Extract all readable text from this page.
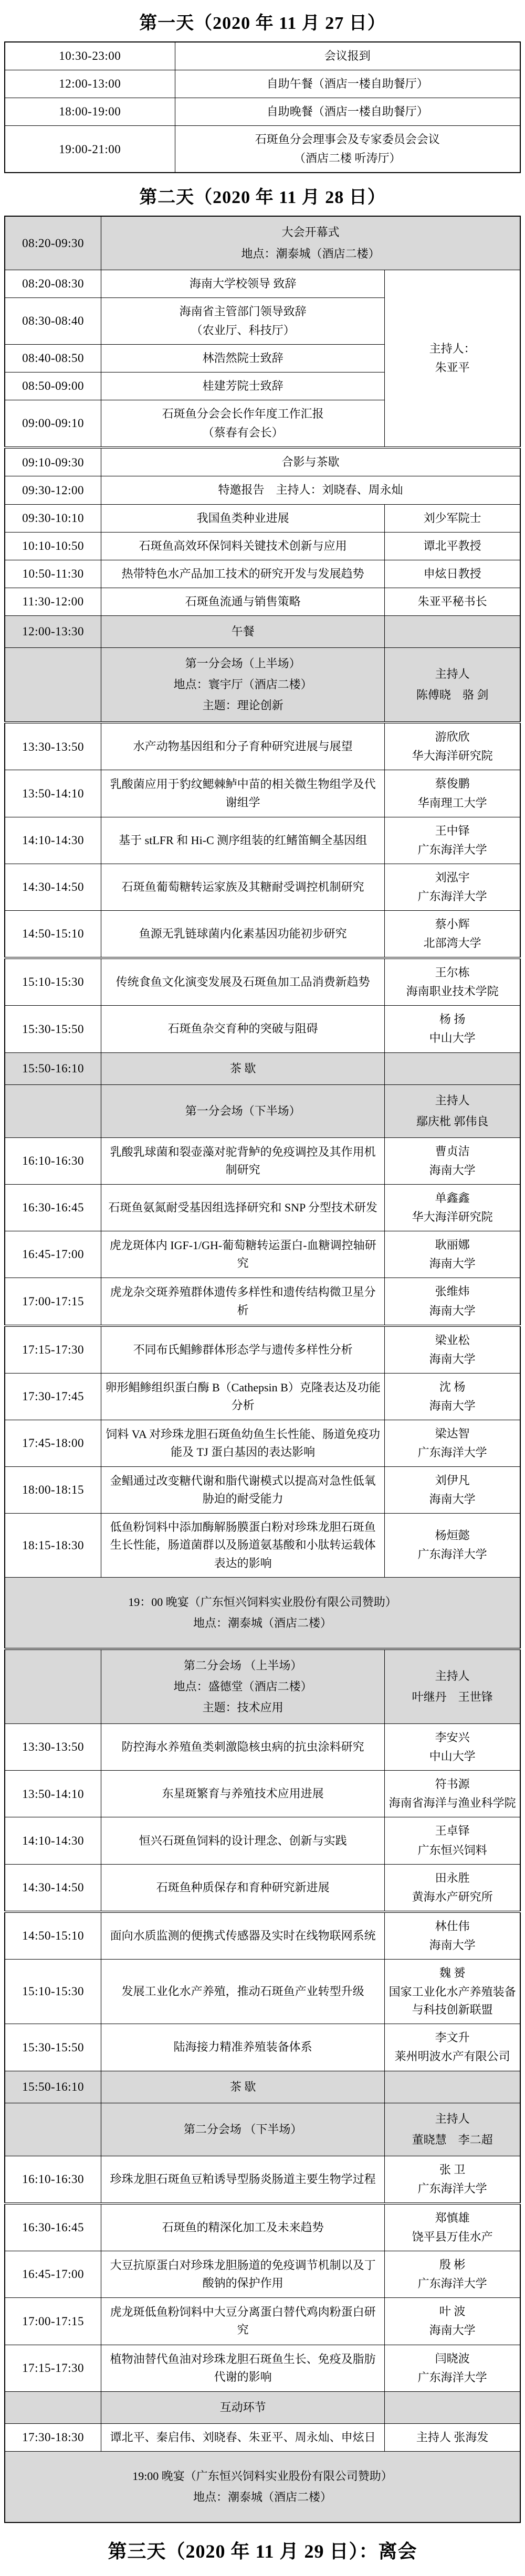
第一天（2020 年 11 月 27 日）
10:30-23:00	会议报到

12:00-13:00	自助午餐（酒店一楼自助餐厅）

18:00-19:00	自助晚餐（酒店一楼自助餐厅）

19:00-21:00	石斑鱼分会理事会及专家委员会会议
（酒店二楼 听涛厅）
第二天（2020 年 11 月 28 日）
08:20-09:30	大会开幕式
地点：潮泰城（酒店二楼）	

08:20-08:30	海南大学校领导 致辞	主持人：
朱亚平

08:30-08:40	海南省主管部门领导致辞
（农业厅、科技厅）	

08:40-08:50	林浩然院士致辞	

08:50-09:00	桂建芳院士致辞	

09:00-09:10	石斑鱼分会会长作年度工作汇报
（蔡春有会长）	

09:10-09:30	合影与茶歇	

09:30-12:00	特邀报告　主持人：刘晓春、周永灿	

09:30-10:10	我国鱼类种业进展	刘少军院士

10:10-10:50	石斑鱼高效环保饲料关键技术创新与应用	谭北平教授

10:50-11:30	热带特色水产品加工技术的研究开发与发展趋势	申炫日教授

11:30-12:00	石斑鱼流通与销售策略	朱亚平秘书长

12:00-13:30	午餐	

第一分会场（上半场）
地点：寰宇厅（酒店二楼）
主题：理论创新

主持人
陈傅晓　骆 剑

13:30-13:50	水产动物基因组和分子育种研究进展与展望	游欣欣
华大海洋研究院

13:50-14:10	乳酸菌应用于豹纹鳃棘鲈中苗的相关微生物组学及代谢组学	蔡俊鹏
华南理工大学

14:10-14:30	基于 stLFR 和 Hi-C 测序组装的红鳍笛鲷全基因组	王中铎
广东海洋大学

14:30-14:50	石斑鱼葡萄糖转运家族及其糖耐受调控机制研究	刘泓宇
广东海洋大学

14:50-15:10	鱼源无乳链球菌内化素基因功能初步研究	蔡小辉
北部湾大学

15:10-15:30	传统食鱼文化演变发展及石斑鱼加工品消费新趋势	王尔栋
海南职业技术学院

15:30-15:50	石斑鱼杂交育种的突破与阻碍	杨 扬
中山大学

15:50-16:10	茶 歇	

	第一分会场（下半场）	主持人
鄢庆枇 郭伟良

16:10-16:30	乳酸乳球菌和裂壶藻对驼背鲈的免疫调控及其作用机制研究	曹贞洁
海南大学

16:30-16:45	石斑鱼氨氮耐受基因组选择研究和 SNP 分型技术研发	单鑫鑫
华大海洋研究院

16:45-17:00	虎龙斑体内 IGF-1/GH-葡萄糖转运蛋白-血糖调控轴研究	耿丽娜
海南大学

17:00-17:15	虎龙杂交斑养殖群体遗传多样性和遗传结构微卫星分析	张维炜
海南大学

17:15-17:30	不同布氏鲳鲹群体形态学与遗传多样性分析	梁业松
海南大学

17:30-17:45	卵形鲳鲹组织蛋白酶 B（Cathepsin B）克隆表达及功能分析	沈 杨
海南大学

17:45-18:00	饲料 VA 对珍珠龙胆石斑鱼幼鱼生长性能、肠道免疫功能及 TJ 蛋白基因的表达影响	梁达智
广东海洋大学

18:00-18:15	金鲳通过改变糖代谢和脂代谢模式以提高对急性低氧胁迫的耐受能力	刘伊凡
海南大学

18:15-18:30	低鱼粉饲料中添加酶解肠膜蛋白粉对珍珠龙胆石斑鱼生长性能，肠道菌群以及肠道氨基酸和小肽转运载体表达的影响	杨烜懿
广东海洋大学

19：00 晚宴（广东恒兴饲料实业股份有限公司赞助）
地点：潮泰城（酒店二楼）		

第二分会场 （上半场）
地点：盛德堂（酒店二楼）
主题：技术应用

主持人
叶继丹　王世锋

13:30-13:50	防控海水养殖鱼类刺激隐核虫病的抗虫涂料研究	李安兴
中山大学

13:50-14:10	东星斑繁育与养殖技术应用进展	符书源
海南省海洋与渔业科学院

14:10-14:30	恒兴石斑鱼饲料的设计理念、创新与实践	王卓铎
广东恒兴饲料

14:30-14:50	石斑鱼种质保存和育种研究新进展	田永胜
黄海水产研究所

14:50-15:10	面向水质监测的便携式传感器及实时在线物联网系统	林仕伟
海南大学

15:10-15:30	发展工业化水产养殖，推动石斑鱼产业转型升级	魏 赟
国家工业化水产养殖装备与科技创新联盟

15:30-15:50	陆海接力精准养殖装备体系	李文升
莱州明波水产有限公司

15:50-16:10	茶 歇	

	第二分会场 （下半场）	主持人
董晓慧　李二超

16:10-16:30	珍珠龙胆石斑鱼豆粕诱导型肠炎肠道主要生物学过程	张 卫
广东海洋大学

16:30-16:45	石斑鱼的精深化加工及未来趋势	郑慎雄
饶平县万佳水产

16:45-17:00	大豆抗原蛋白对珍珠龙胆肠道的免疫调节机制以及丁酸钠的保护作用	殷 彬
广东海洋大学

17:00-17:15	虎龙斑低鱼粉饲料中大豆分离蛋白替代鸡肉粉蛋白研究	叶 波
海南大学

17:15-17:30	植物油替代鱼油对珍珠龙胆石斑鱼生长、免疫及脂肪代谢的影响	闫晓波
广东海洋大学

	互动环节	

17:30-18:30	谭北平、秦启伟、刘晓春、朱亚平、周永灿、申炫日	主持人 张海发

19:00 晚宴（广东恒兴饲料实业股份有限公司赞助）
地点：潮泰城（酒店二楼）		
第三天（2020 年 11 月 29 日）：离会
